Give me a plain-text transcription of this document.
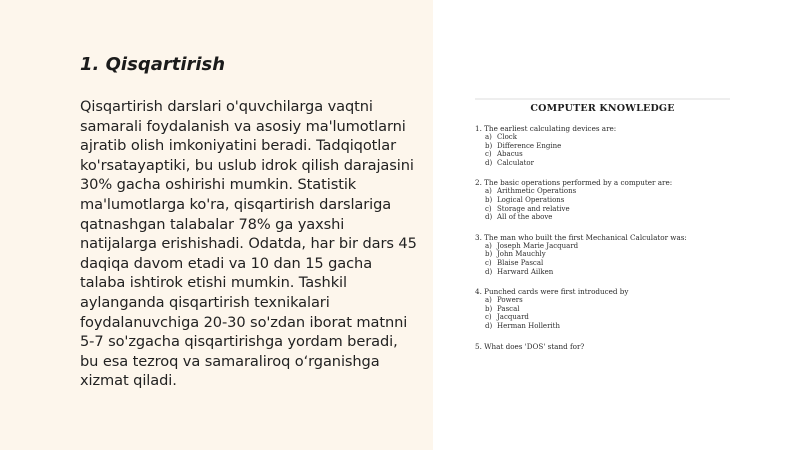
1. Qisqartirish

Qisqartirish darslari o'quvchilarga vaqtni samarali foydalanish va asosiy ma'lumotlarni ajratib olish imkoniyatini beradi. Tadqiqotlar ko'rsatayaptiki, bu uslub idrok qilish darajasini 30% gacha oshirishi mumkin. Statistik ma'lumotlarga ko'ra, qisqartirish darslariga qatnashgan talabalar 78% ga yaxshi natijalarga erishishadi. Odatda, har bir dars 45 daqiqa davom etadi va 10 dan 15 gacha talaba ishtirok etishi mumkin. Tashkil aylanganda qisqartirish texnikalari foydalanuvchiga 20-30 so'zdan iborat matnni 5-7 so'zgacha qisqartirishga yordam beradi, bu esa tezroq va samaraliroq o‘rganishga xizmat qiladi.

COMPUTER KNOWLEDGE

1. The earliest calculating devices are:

a) Clock
b) Difference Engine
c) Abacus
d) Calculator

2. The basic operations performed by a computer are:

a) Arithmetic Operations
b) Logical Operations
c) Storage and relative
d) All of the above

3. The man who built the first Mechanical Calculator was:

a) Joseph Marie Jacquard
b) John Mauchly
c) Blaise Pascal
d) Harward Ailken

4. Punched cards were first introduced by

a) Powers
b) Pascal
c) Jacquard
d) Herman Hollerith

5. What does 'DOS' stand for?
